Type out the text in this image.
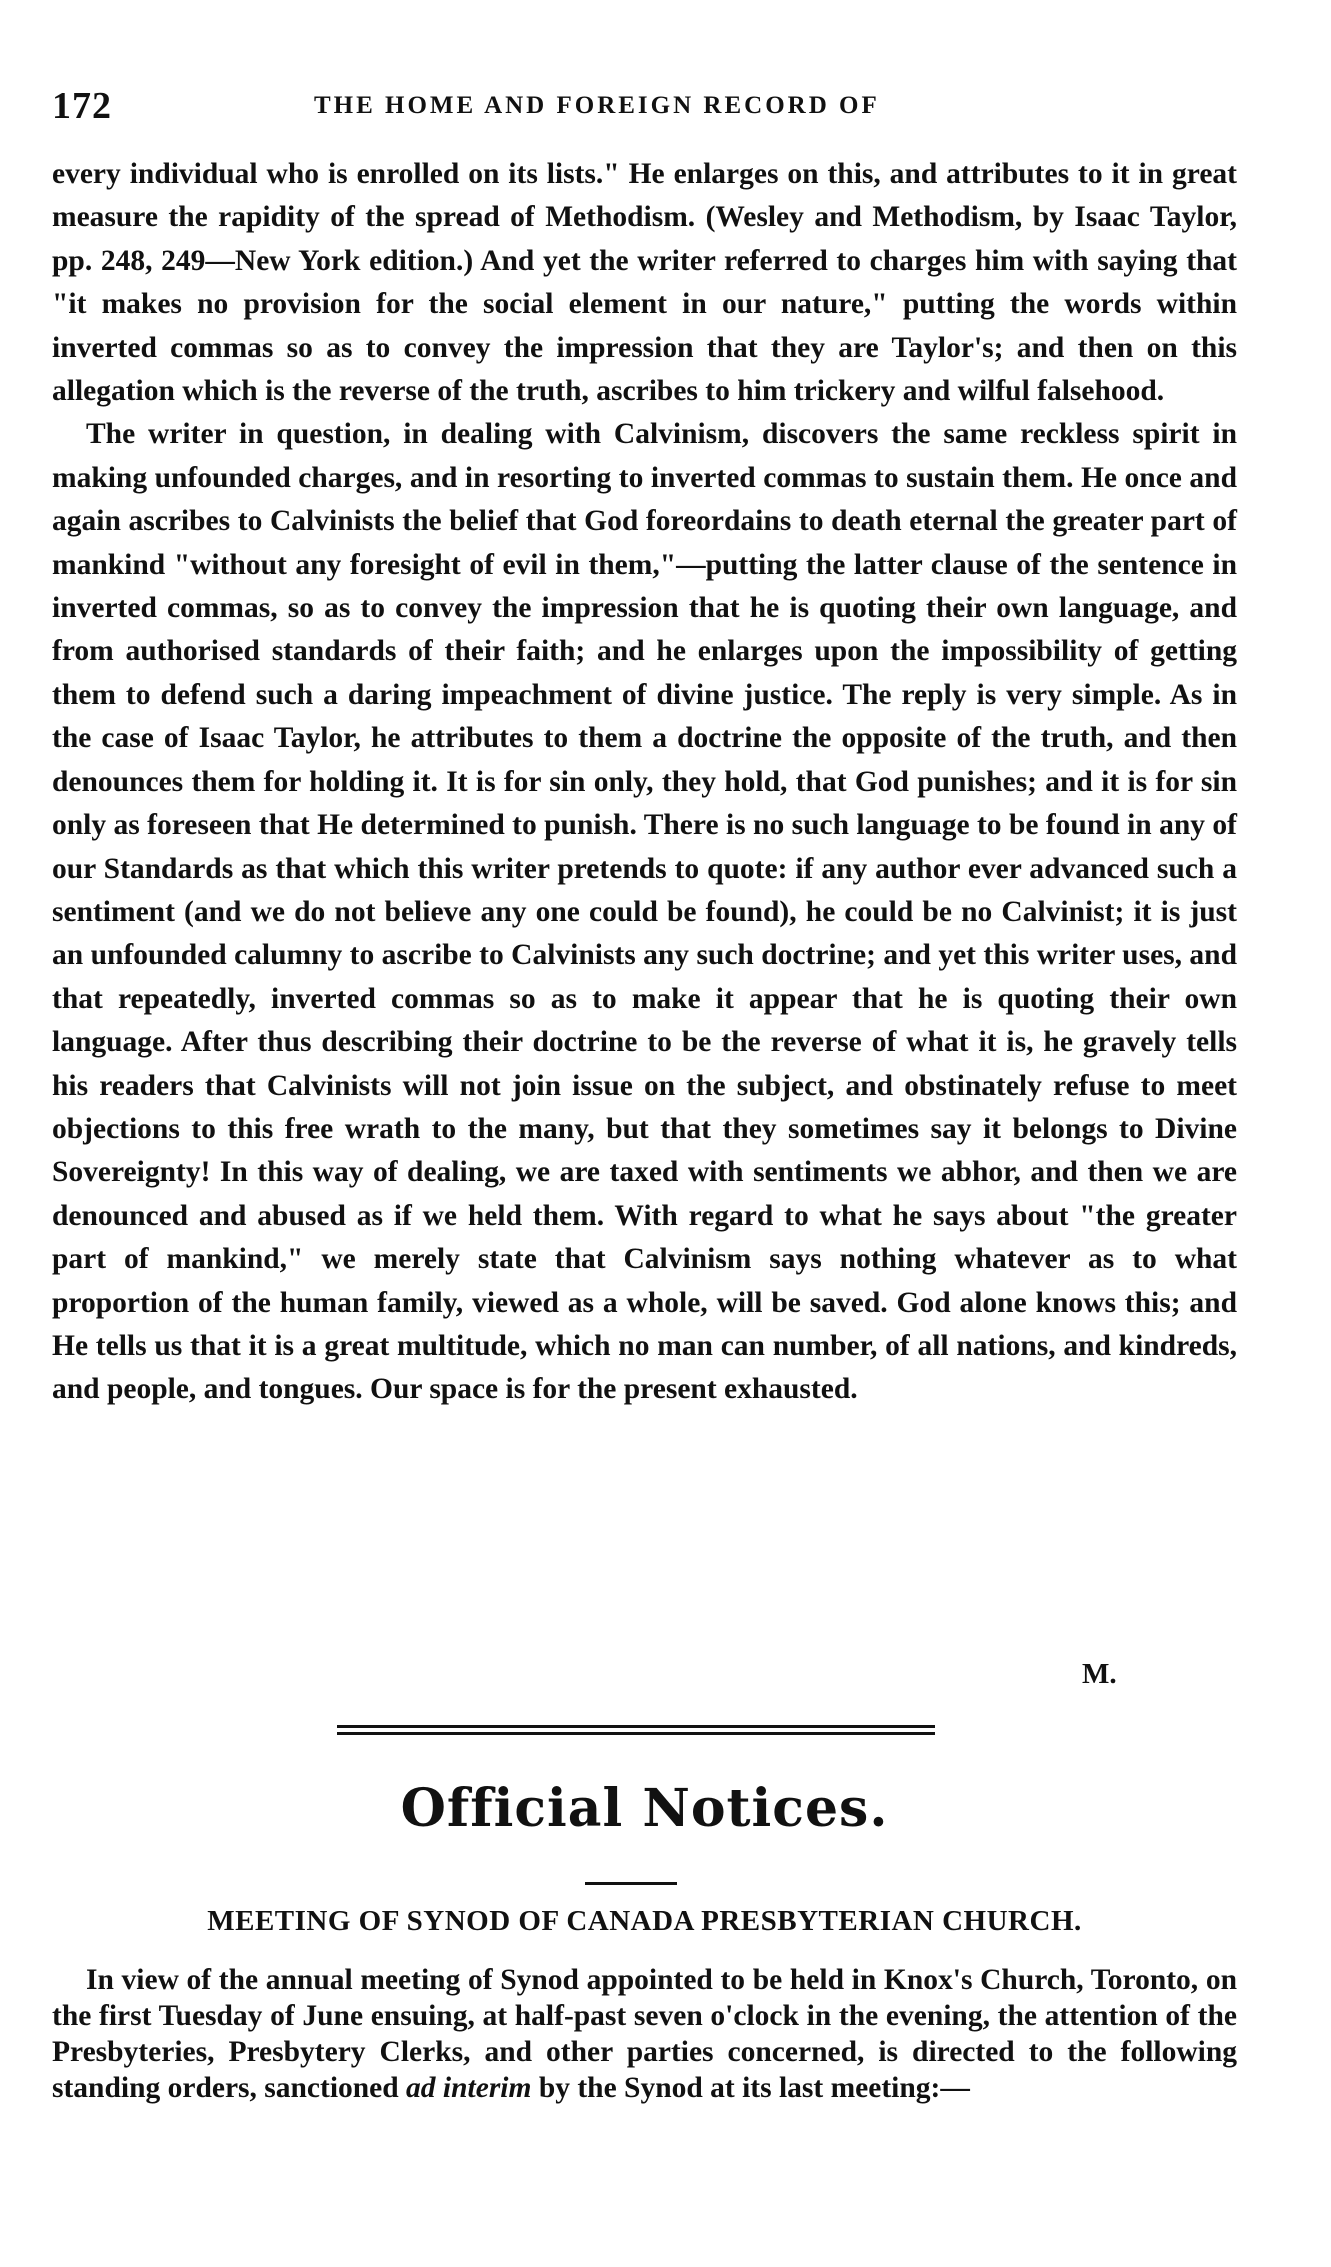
172	THE HOME AND FOREIGN RECORD OF

every individual who is enrolled on its lists." He enlarges on this, and attributes to it in great measure the rapidity of the spread of Methodism. (Wesley and Methodism, by Isaac Taylor, pp. 248, 249—New York edition.) And yet the writer referred to charges him with saying that "it makes no provision for the social element in our nature," putting the words within inverted commas so as to convey the impression that they are Taylor's; and then on this allegation which is the reverse of the truth, ascribes to him trickery and wilful falsehood.

The writer in question, in dealing with Calvinism, discovers the same reckless spirit in making unfounded charges, and in resorting to inverted commas to sustain them. He once and again ascribes to Calvinists the belief that God foreordains to death eternal the greater part of mankind "without any foresight of evil in them,"—putting the latter clause of the sentence in inverted commas, so as to convey the impression that he is quoting their own language, and from authorised standards of their faith; and he enlarges upon the impossibility of getting them to defend such a daring impeachment of divine justice. The reply is very simple. As in the case of Isaac Taylor, he attributes to them a doctrine the opposite of the truth, and then denounces them for holding it. It is for sin only, they hold, that God punishes; and it is for sin only as foreseen that He determined to punish. There is no such language to be found in any of our Standards as that which this writer pretends to quote: if any author ever advanced such a sentiment (and we do not believe any one could be found), he could be no Calvinist; it is just an unfounded calumny to ascribe to Calvinists any such doctrine; and yet this writer uses, and that repeatedly, inverted commas so as to make it appear that he is quoting their own language. After thus describing their doctrine to be the reverse of what it is, he gravely tells his readers that Calvinists will not join issue on the subject, and obstinately refuse to meet objections to this free wrath to the many, but that they sometimes say it belongs to Divine Sovereignty! In this way of dealing, we are taxed with sentiments we abhor, and then we are denounced and abused as if we held them. With regard to what he says about "the greater part of mankind," we merely state that Calvinism says nothing whatever as to what proportion of the human family, viewed as a whole, will be saved. God alone knows this; and He tells us that it is a great multitude, which no man can number, of all nations, and kindreds, and people, and tongues. Our space is for the present exhausted.

M.
Official Notices.
MEETING OF SYNOD OF CANADA PRESBYTERIAN CHURCH.

In view of the annual meeting of Synod appointed to be held in Knox's Church, Toronto, on the first Tuesday of June ensuing, at half-past seven o'clock in the evening, the attention of the Presbyteries, Presbytery Clerks, and other parties concerned, is directed to the following standing orders, sanctioned ad interim by the Synod at its last meeting:—
